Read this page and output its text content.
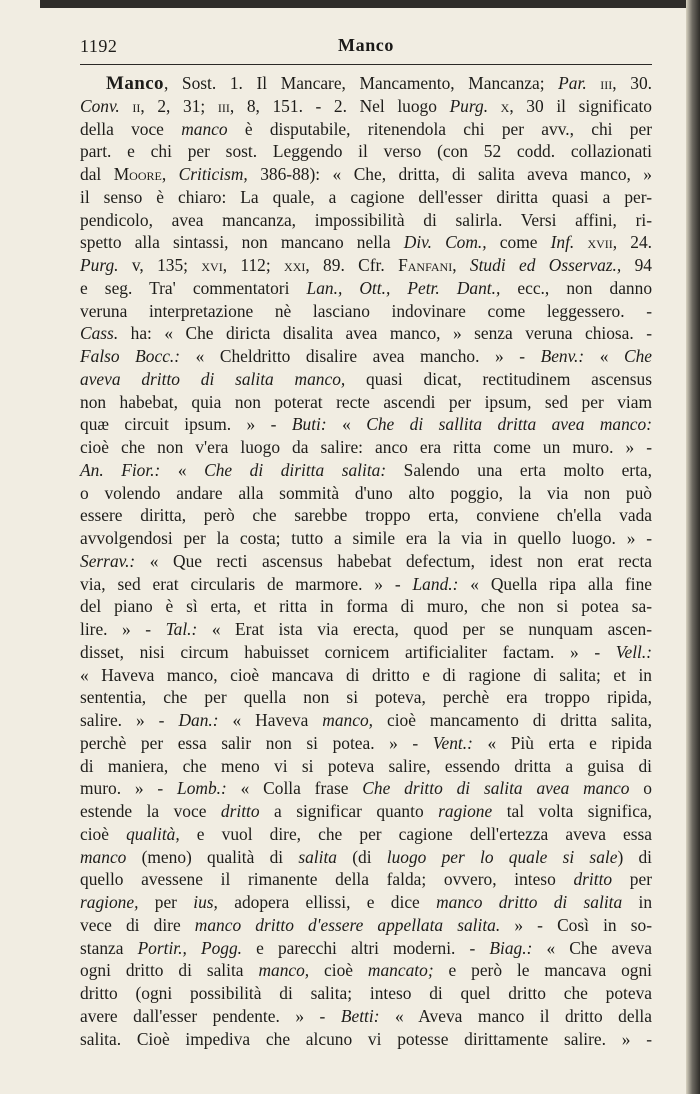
1192	Manco
Manco, Sost. 1. Il Mancare, Mancamento, Mancanza; Par. iii, 30.
Conv. ii, 2, 31; iii, 8, 151. - 2. Nel luogo Purg. x, 30 il significato
della voce manco è disputabile, ritenendola chi per avv., chi per
part. e chi per sost. Leggendo il verso (con 52 codd. collazionati
dal Moore, Criticism, 386-88): « Che, dritta, di salita aveva manco, »
il senso è chiaro: La quale, a cagione dell'esser diritta quasi a per-
pendicolo, avea mancanza, impossibilità di salirla. Versi affini, ri-
spetto alla sintassi, non mancano nella Div. Com., come Inf. xvii, 24.
Purg. v, 135; xvi, 112; xxi, 89. Cfr. Fanfani, Studi ed Osservaz., 94
e seg. Tra' commentatori Lan., Ott., Petr. Dant., ecc., non danno
veruna interpretazione nè lasciano indovinare come leggessero. -
Cass. ha: « Che diricta disalita avea manco, » senza veruna chiosa. -
Falso Bocc.: « Cheldritto disalire avea mancho. » - Benv.: « Che
aveva dritto di salita manco, quasi dicat, rectitudinem ascensus
non habebat, quia non poterat recte ascendi per ipsum, sed per viam
quæ circuit ipsum. » - Buti: « Che di sallita dritta avea manco:
cioè che non v'era luogo da salire: anco era ritta come un muro. » -
An. Fior.: « Che di diritta salita: Salendo una erta molto erta,
o volendo andare alla sommità d'uno alto poggio, la via non può
essere diritta, però che sarebbe troppo erta, conviene ch'ella vada
avvolgendosi per la costa; tutto a simile era la via in quello luogo. » -
Serrav.: « Que recti ascensus habebat defectum, idest non erat recta
via, sed erat circularis de marmore. » - Land.: « Quella ripa alla fine
del piano è sì erta, et ritta in forma di muro, che non si potea sa-
lire. » - Tal.: « Erat ista via erecta, quod per se nunquam ascen-
disset, nisi circum habuisset cornicem artificialiter factam. » - Vell.:
« Haveva manco, cioè mancava di dritto e di ragione di salita; et in
sententia, che per quella non si poteva, perchè era troppo ripida,
salire. » - Dan.: « Haveva manco, cioè mancamento di dritta salita,
perchè per essa salir non si potea. » - Vent.: « Più erta e ripida
di maniera, che meno vi si poteva salire, essendo dritta a guisa di
muro. » - Lomb.: « Colla frase Che dritto di salita avea manco o
estende la voce dritto a significar quanto ragione tal volta significa,
cioè qualità, e vuol dire, che per cagione dell'ertezza aveva essa
manco (meno) qualità di salita (di luogo per lo quale si sale) di
quello avessene il rimanente della falda; ovvero, inteso dritto per
ragione, per ius, adopera ellissi, e dice manco dritto di salita in
vece di dire manco dritto d'essere appellata salita. » - Così in so-
stanza Portir., Pogg. e parecchi altri moderni. - Biag.: « Che aveva
ogni dritto di salita manco, cioè mancato; e però le mancava ogni
dritto (ogni possibilità di salita; inteso di quel dritto che poteva
avere dall'esser pendente. » - Betti: « Aveva manco il dritto della
salita. Cioè impediva che alcuno vi potesse dirittamente salire. » -
